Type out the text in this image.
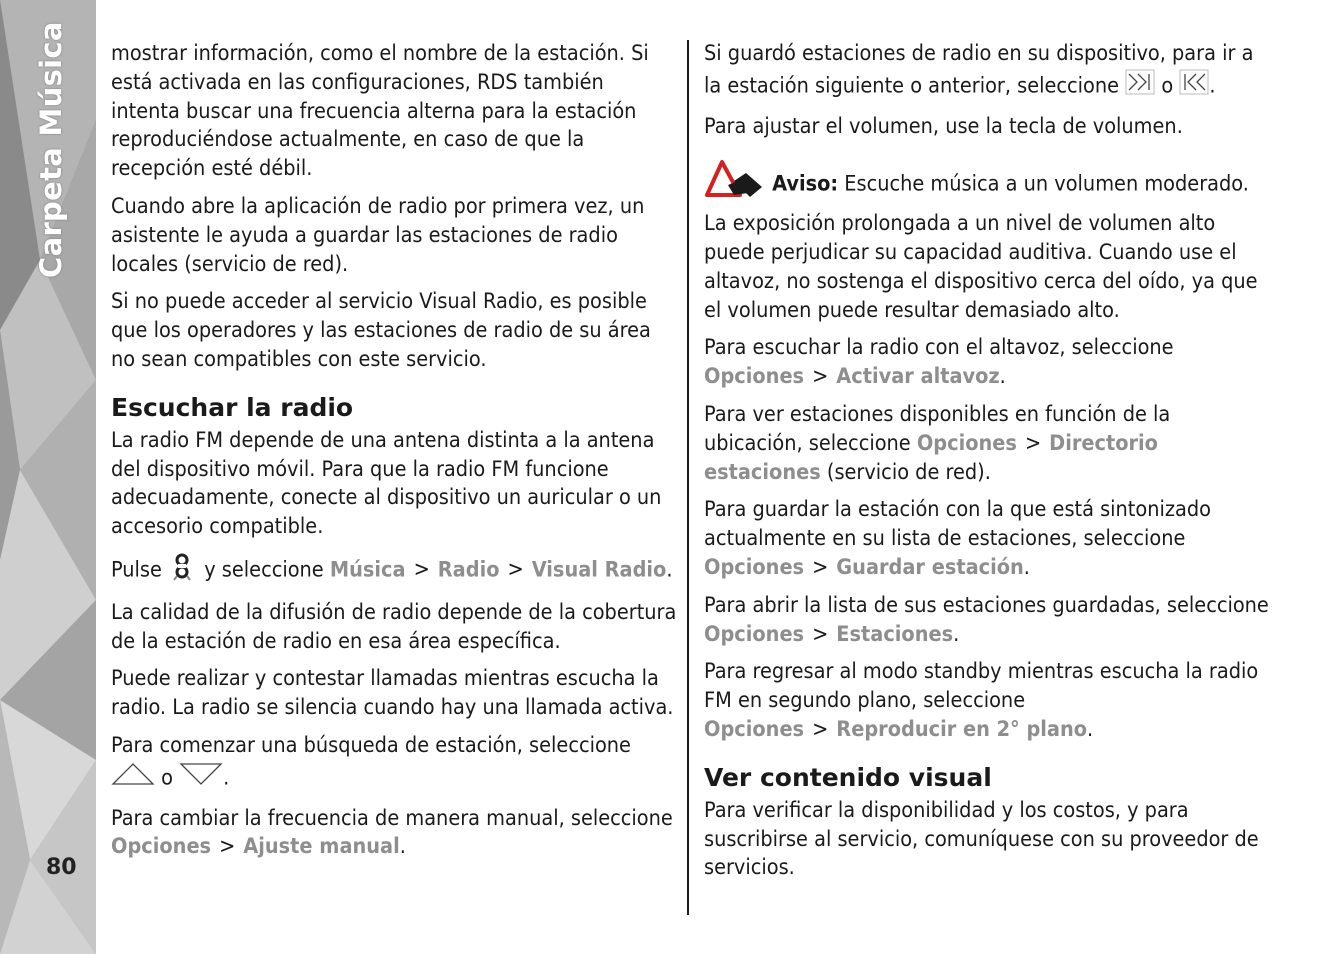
Carpeta Música
80

mostrar información, como el nombre de la estación. Si está activada en las configuraciones, RDS también intenta buscar una frecuencia alterna para la estación reproduciéndose actualmente, en caso de que la recepción esté débil.

Cuando abre la aplicación de radio por primera vez, un asistente le ayuda a guardar las estaciones de radio locales (servicio de red).

Si no puede acceder al servicio Visual Radio, es posible que los operadores y las estaciones de radio de su área no sean compatibles con este servicio.

Escuchar la radio

La radio FM depende de una antena distinta a la antena del dispositivo móvil. Para que la radio FM funcione adecuadamente, conecte al dispositivo un auricular o un accesorio compatible.

Pulse y seleccione Música > Radio > Visual Radio.

La calidad de la difusión de radio depende de la cobertura de la estación de radio en esa área específica.

Puede realizar y contestar llamadas mientras escucha la radio. La radio se silencia cuando hay una llamada activa.

Para comenzar una búsqueda de estación, seleccione  o .

Para cambiar la frecuencia de manera manual, seleccione Opciones > Ajuste manual.

Si guardó estaciones de radio en su dispositivo, para ir a la estación siguiente o anterior, seleccione o .

Para ajustar el volumen, use la tecla de volumen.

Aviso: Escuche música a un volumen moderado. La exposición prolongada a un nivel de volumen alto puede perjudicar su capacidad auditiva. Cuando use el altavoz, no sostenga el dispositivo cerca del oído, ya que el volumen puede resultar demasiado alto.

Para escuchar la radio con el altavoz, seleccione Opciones > Activar altavoz.

Para ver estaciones disponibles en función de la ubicación, seleccione Opciones > Directorio estaciones (servicio de red).

Para guardar la estación con la que está sintonizado actualmente en su lista de estaciones, seleccione Opciones > Guardar estación.

Para abrir la lista de sus estaciones guardadas, seleccione Opciones > Estaciones.

Para regresar al modo standby mientras escucha la radio FM en segundo plano, seleccione Opciones > Reproducir en 2° plano.

Ver contenido visual

Para verificar la disponibilidad y los costos, y para suscribirse al servicio, comuníquese con su proveedor de servicios.
